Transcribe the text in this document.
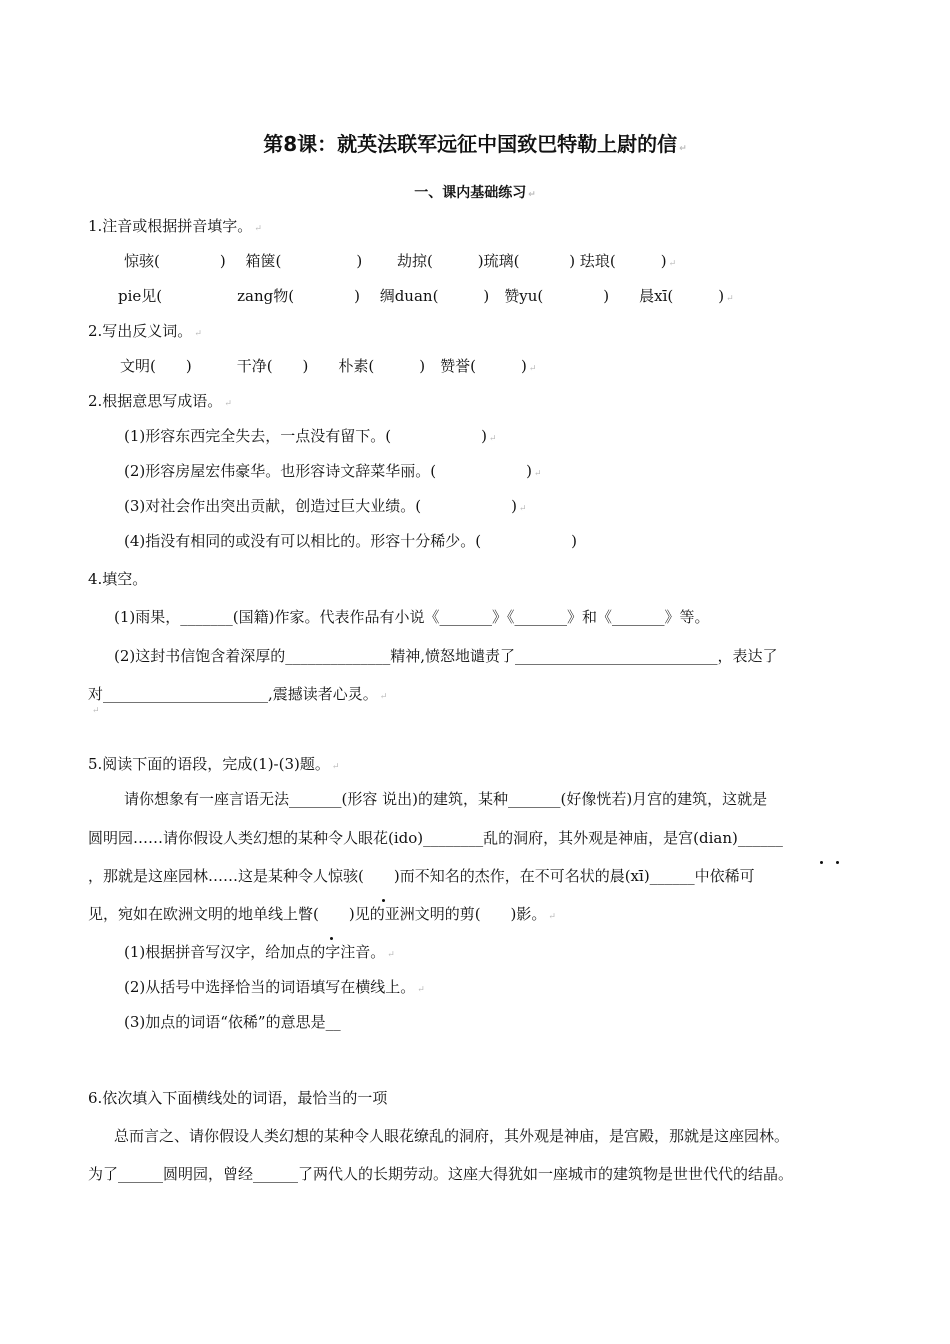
第8课：就英法联军远征中国致巴特勒上尉的信 ↵
一、课内基础练习 ↵
1.注音或根据拼音填字。 ↵
惊骇(　　　　)　 箱箧(　　　　　)　　 劫掠(　　　)琉璃(　　　 ) 珐琅(　　　) ↵
pie见(　　　　　zang物(　　　　)　 绸duan(　　　)　赞yu(　　　　)　　晨xī(　　　) ↵
2.写出反义词。 ↵
文明(　　)　　　干净(　　)　　朴素(　　　)　赞誉(　　　) ↵
2.根据意思写成语。 ↵
(1)形容东西完全失去，一点没有留下。(　　　　　　) ↵
(2)形容房屋宏伟豪华。也形容诗文辞菜华丽。(　　　　　　) ↵
(3)对社会作出突出贡献，创造过巨大业绩。(　　　　　　) ↵
(4)指没有相同的或没有可以相比的。形容十分稀少。(　　　　　　)
4.填空。
(1)雨果，_______(国籍)作家。代表作品有小说《_______》《_______》和《_______》等。
(2)这封书信饱含着深厚的______________精神,愤怒地谴责了___________________________，表达了
对______________________,震撼读者心灵。 ↵
↵
5.阅读下面的语段，完成(1)-(3)题。 ↵
请你想象有一座言语无法_______(形容 说出)的建筑，某种_______(好像恍若)月宫的建筑，这就是
圆明园……请你假设人类幻想的某种令人眼花(ido)________乱的洞府，其外观是神庙，是宫(dian)______
，那就是这座园林……这是某种令人惊骇(　　)而不知名的杰作，在不可名状的晨(xī)______中依稀可
见，宛如在欧洲文明的地单线上瞥(　　)见的亚洲文明的剪(　　)影。 ↵
(1)根据拼音写汉字，给加点的字注音。 ↵
(2)从括号中选择恰当的词语填写在横线上。 ↵
(3)加点的词语“依稀”的意思是__
6.依次填入下面横线处的词语，最恰当的一项
总而言之、请你假设人类幻想的某种令人眼花缭乱的洞府，其外观是神庙，是宫殿，那就是这座园林。
为了______圆明园，曾经______了两代人的长期劳动。这座大得犹如一座城市的建筑物是世世代代的结晶。
